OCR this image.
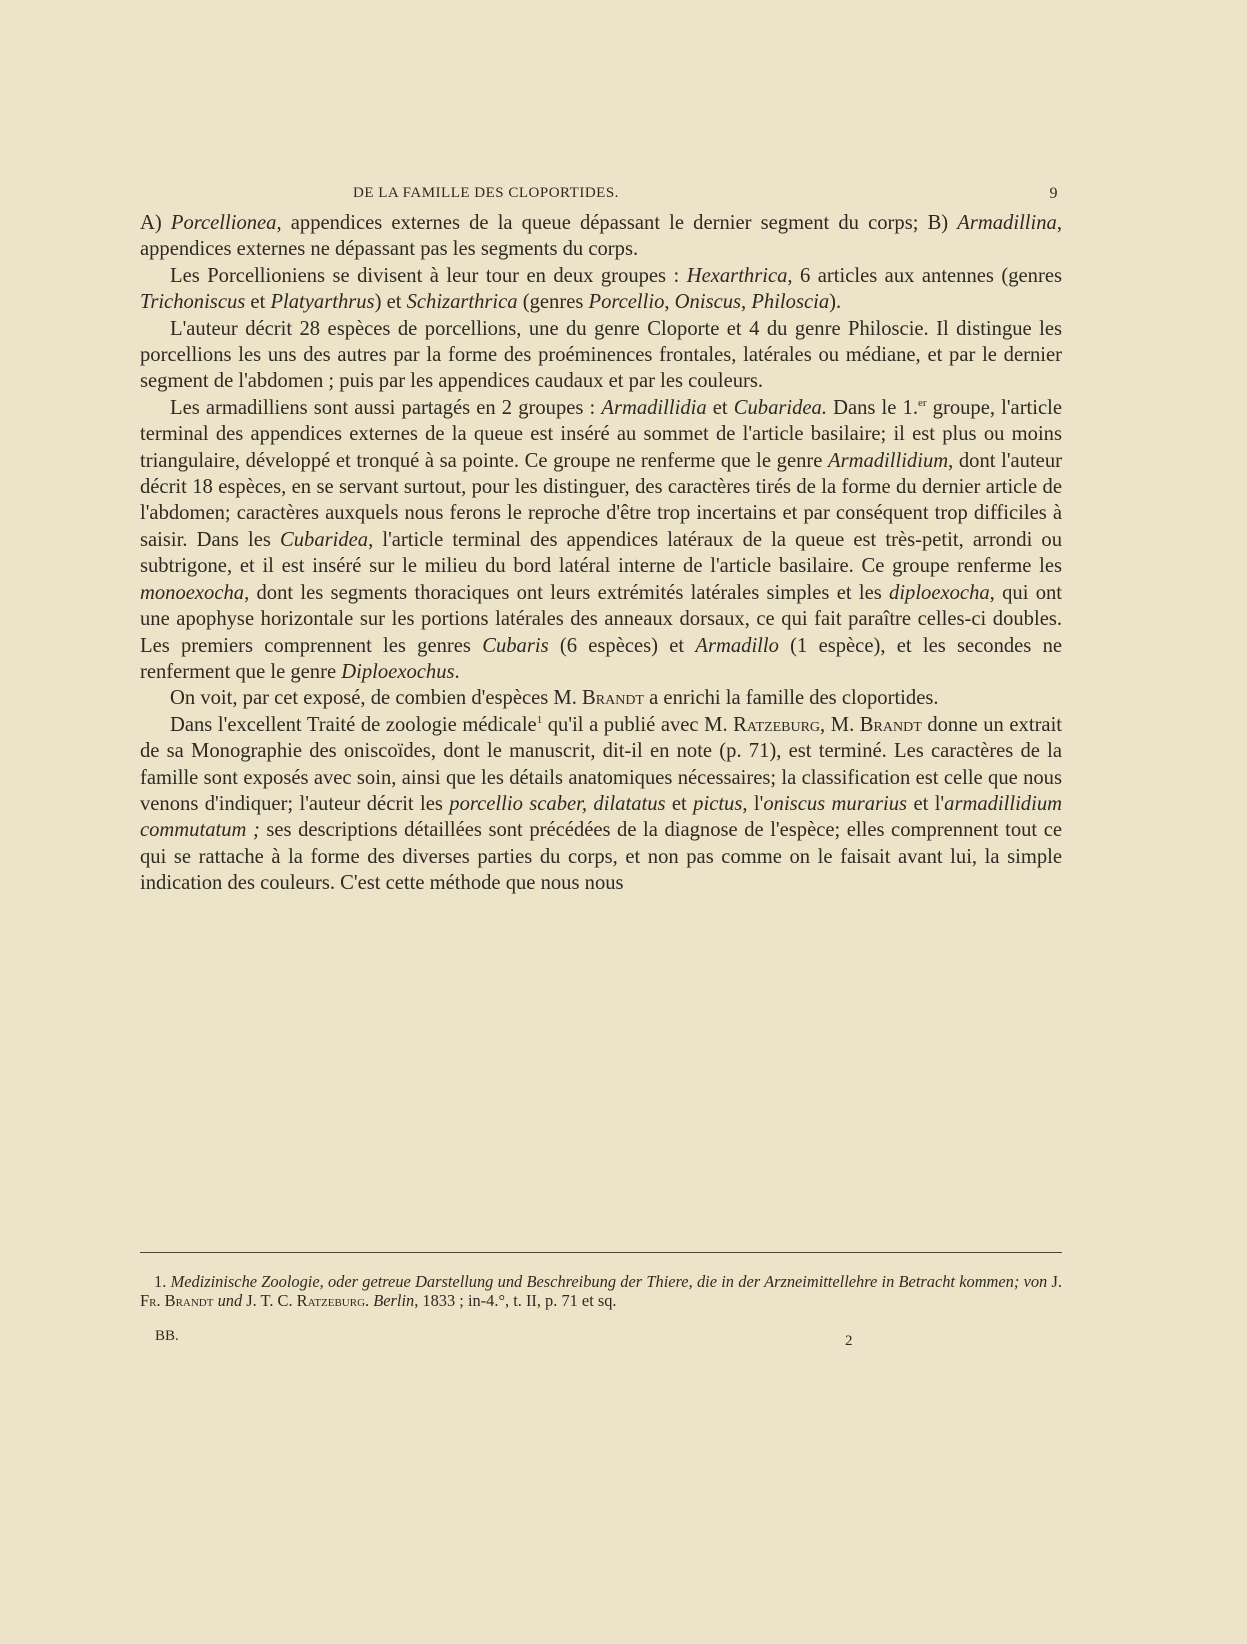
DE LA FAMILLE DES CLOPORTIDES.	9

A) Porcellionea, appendices externes de la queue dépassant le dernier segment du corps; B) Armadillina, appendices externes ne dépassant pas les segments du corps.

Les Porcellioniens se divisent à leur tour en deux groupes : Hexarthrica, 6 articles aux antennes (genres Trichoniscus et Platyarthrus) et Schizarthrica (genres Porcellio, Oniscus, Philoscia).

L'auteur décrit 28 espèces de porcellions, une du genre Cloporte et 4 du genre Philoscie. Il distingue les porcellions les uns des autres par la forme des proéminences frontales, latérales ou médiane, et par le dernier segment de l'abdomen ; puis par les appendices caudaux et par les couleurs.

Les armadilliens sont aussi partagés en 2 groupes : Armadillidia et Cubaridea. Dans le 1.$^{er}$ groupe, l'article terminal des appendices externes de la queue est inséré au sommet de l'article basilaire; il est plus ou moins triangulaire, développé et tronqué à sa pointe. Ce groupe ne renferme que le genre Armadillidium, dont l'auteur décrit 18 espèces, en se servant surtout, pour les distinguer, des caractères tirés de la forme du dernier article de l'abdomen; caractères auxquels nous ferons le reproche d'être trop incertains et par conséquent trop difficiles à saisir. Dans les Cubaridea, l'article terminal des appendices latéraux de la queue est très-petit, arrondi ou subtrigone, et il est inséré sur le milieu du bord latéral interne de l'article basilaire. Ce groupe renferme les monoexocha, dont les segments thoraciques ont leurs extrémités latérales simples et les diploexocha, qui ont une apophyse horizontale sur les portions latérales des anneaux dorsaux, ce qui fait paraître celles-ci doubles. Les premiers comprennent les genres Cubaris (6 espèces) et Armadillo (1 espèce), et les secondes ne renferment que le genre Diploexochus.

On voit, par cet exposé, de combien d'espèces M. Brandt a enrichi la famille des cloportides.

Dans l'excellent Traité de zoologie médicale$^1$ qu'il a publié avec M. Ratzeburg, M. Brandt donne un extrait de sa Monographie des oniscoïdes, dont le manuscrit, dit-il en note (p. 71), est terminé. Les caractères de la famille sont exposés avec soin, ainsi que les détails anatomiques nécessaires; la classification est celle que nous venons d'indiquer; l'auteur décrit les porcellio scaber, dilatatus et pictus, l'oniscus murarius et l'armadillidium commutatum ; ses descriptions détaillées sont précédées de la diagnose de l'espèce; elles comprennent tout ce qui se rattache à la forme des diverses parties du corps, et non pas comme on le faisait avant lui, la simple indication des couleurs. C'est cette méthode que nous nous

1. Medizinische Zoologie, oder getreue Darstellung und Beschreibung der Thiere, die in der Arzneimittellehre in Betracht kommen; von J. Fr. Brandt und J. T. C. Ratzeburg. Berlin, 1833 ; in-4.°, t. II, p. 71 et sq.

BB.	2
